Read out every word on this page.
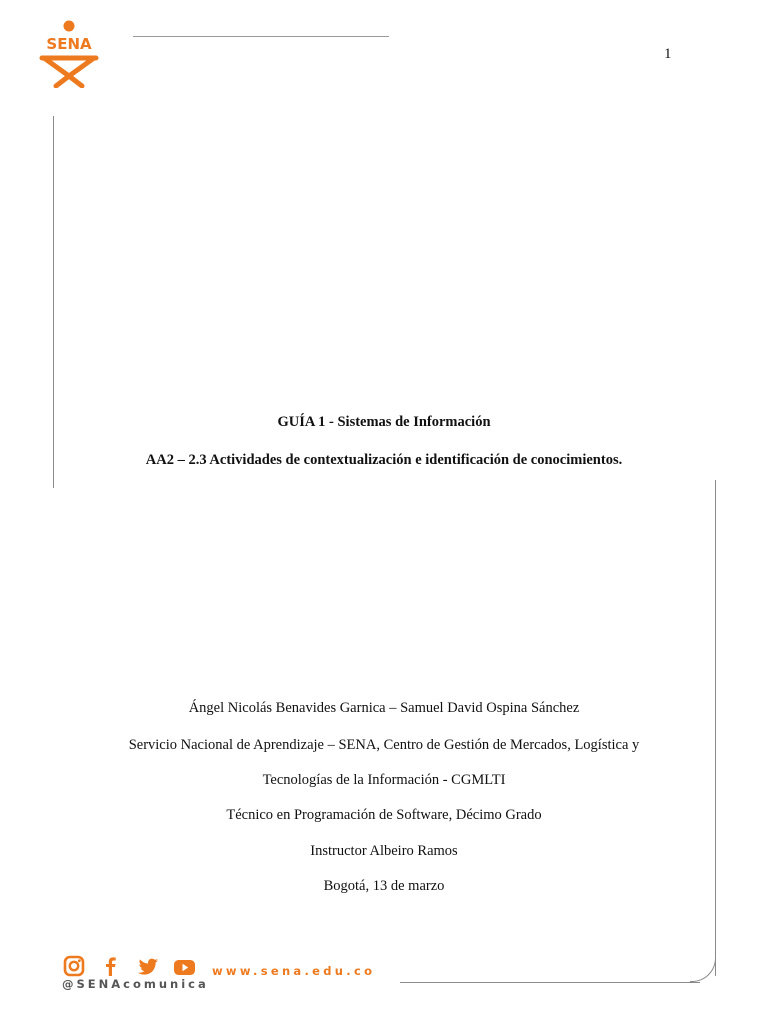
SENA
1
GUÍA 1 - Sistemas de Información
AA2 – 2.3 Actividades de contextualización e identificación de conocimientos.
Ángel Nicolás Benavides Garnica – Samuel David Ospina Sánchez
Servicio Nacional de Aprendizaje – SENA, Centro de Gestión de Mercados, Logística y
Tecnologías de la Información - CGMLTI
Técnico en Programación de Software, Décimo Grado
Instructor Albeiro Ramos
Bogotá, 13 de marzo
www.sena.edu.co
@SENAcomunica
